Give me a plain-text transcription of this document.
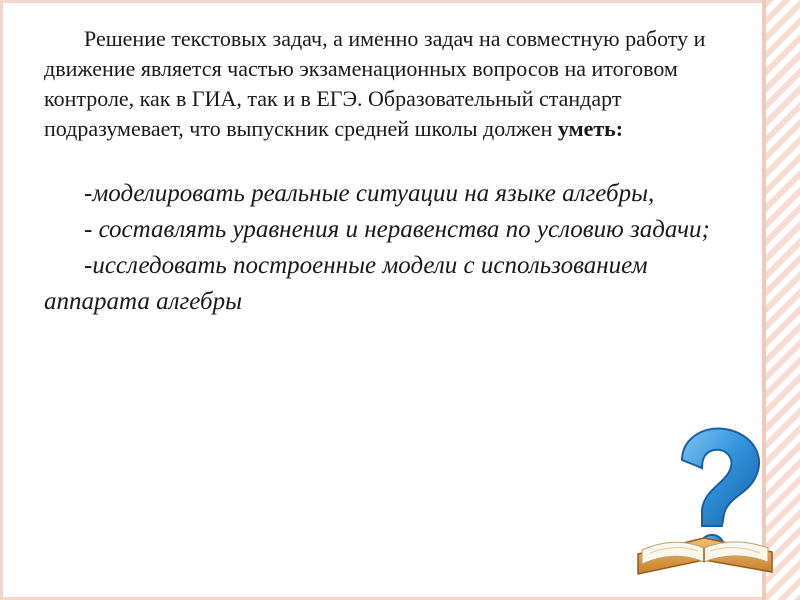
Решение текстовых задач, а именно задач на совместную работу и движение является частью экзаменационных вопросов на итоговом контроле, как в ГИА, так и в ЕГЭ. Образовательный стандарт подразумевает, что выпускник средней школы должен уметь:

-моделировать реальные ситуации на языке алгебры,
- составлять уравнения и неравенства по условию задачи;
-исследовать построенные модели с использованиемаппарата алгебры
